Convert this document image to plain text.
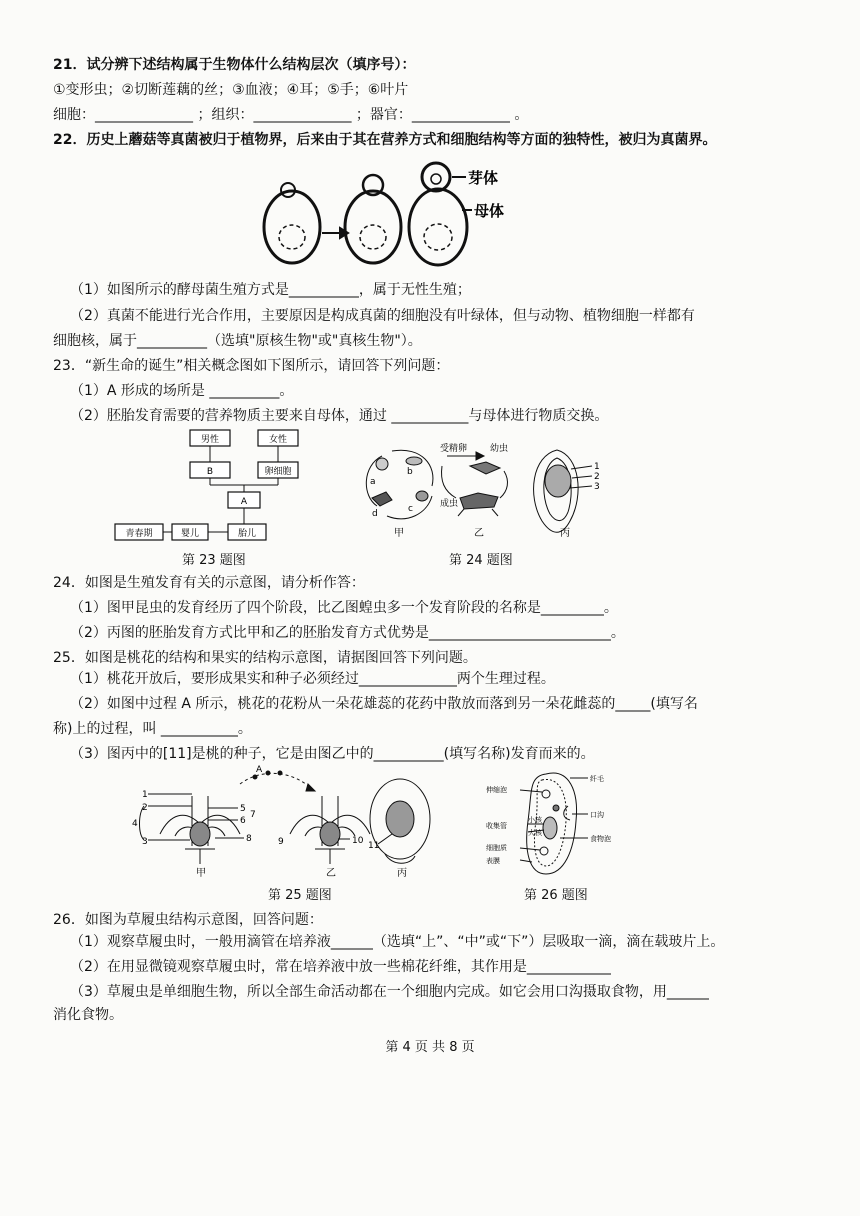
21．试分辨下述结构属于生物体什么结构层次（填序号）：
①变形虫；②切断莲藕的丝；③血液；④耳；⑤手；⑥叶片
细胞：______________ ；组织：______________ ；器官：______________ 。
22．历史上蘑菇等真菌被归于植物界，后来由于其在营养方式和细胞结构等方面的独特性，被归为真菌界。
芽体
母体
（1）如图所示的酵母菌生殖方式是__________，属于无性生殖；
（2）真菌不能进行光合作用，主要原因是构成真菌的细胞没有叶绿体，但与动物、植物细胞一样都有
细胞核，属于__________（选填"原核生物"或"真核生物"）。
23．“新生命的诞生”相关概念图如下图所示，请回答下列问题：
（1）A 形成的场所是 __________。
（2）胚胎发育需要的营养物质主要来自母体，通过 ___________与母体进行物质交换。
男性	女性
B	卵细胞
A
胎儿
婴儿
青春期
第 23 题图
a
b
c
d
甲
受精卵	幼虫
成虫
乙
1
2
3
丙
第 24 题图
24．如图是生殖发育有关的示意图，请分析作答：
（1）图甲昆虫的发育经历了四个阶段，比乙图蝗虫多一个发育阶段的名称是_________。
（2）丙图的胚胎发育方式比甲和乙的胚胎发育方式优势是__________________________。
25．如图是桃花的结构和果实的结构示意图，请据图回答下列问题。
（1）桃花开放后，要形成果实和种子必须经过______________两个生理过程。
（2）如图中过程 A 所示，桃花的花粉从一朵花雄蕊的花药中散放而落到另一朵花雌蕊的_____(填写名
称)上的过程，叫 ___________。
（3）图丙中的[11]是桃的种子，它是由图乙中的__________(填写名称)发育而来的。
A
1
2
3
4
5
6
7
8	9	10 11
甲	乙	丙
第 25 题图
伸缩泡
纤毛
口沟
食物泡
小核
大核
细胞质
表膜
收集管
第 26 题图
26．如图为草履虫结构示意图，回答问题：
（1）观察草履虫时，一般用滴管在培养液______（选填“上”、“中”或“下”）层吸取一滴，滴在载玻片上。
（2）在用显微镜观察草履虫时，常在培养液中放一些棉花纤维，其作用是____________
（3）草履虫是单细胞生物，所以全部生命活动都在一个细胞内完成。如它会用口沟摄取食物，用______
消化食物。
第 4 页 共 8 页
